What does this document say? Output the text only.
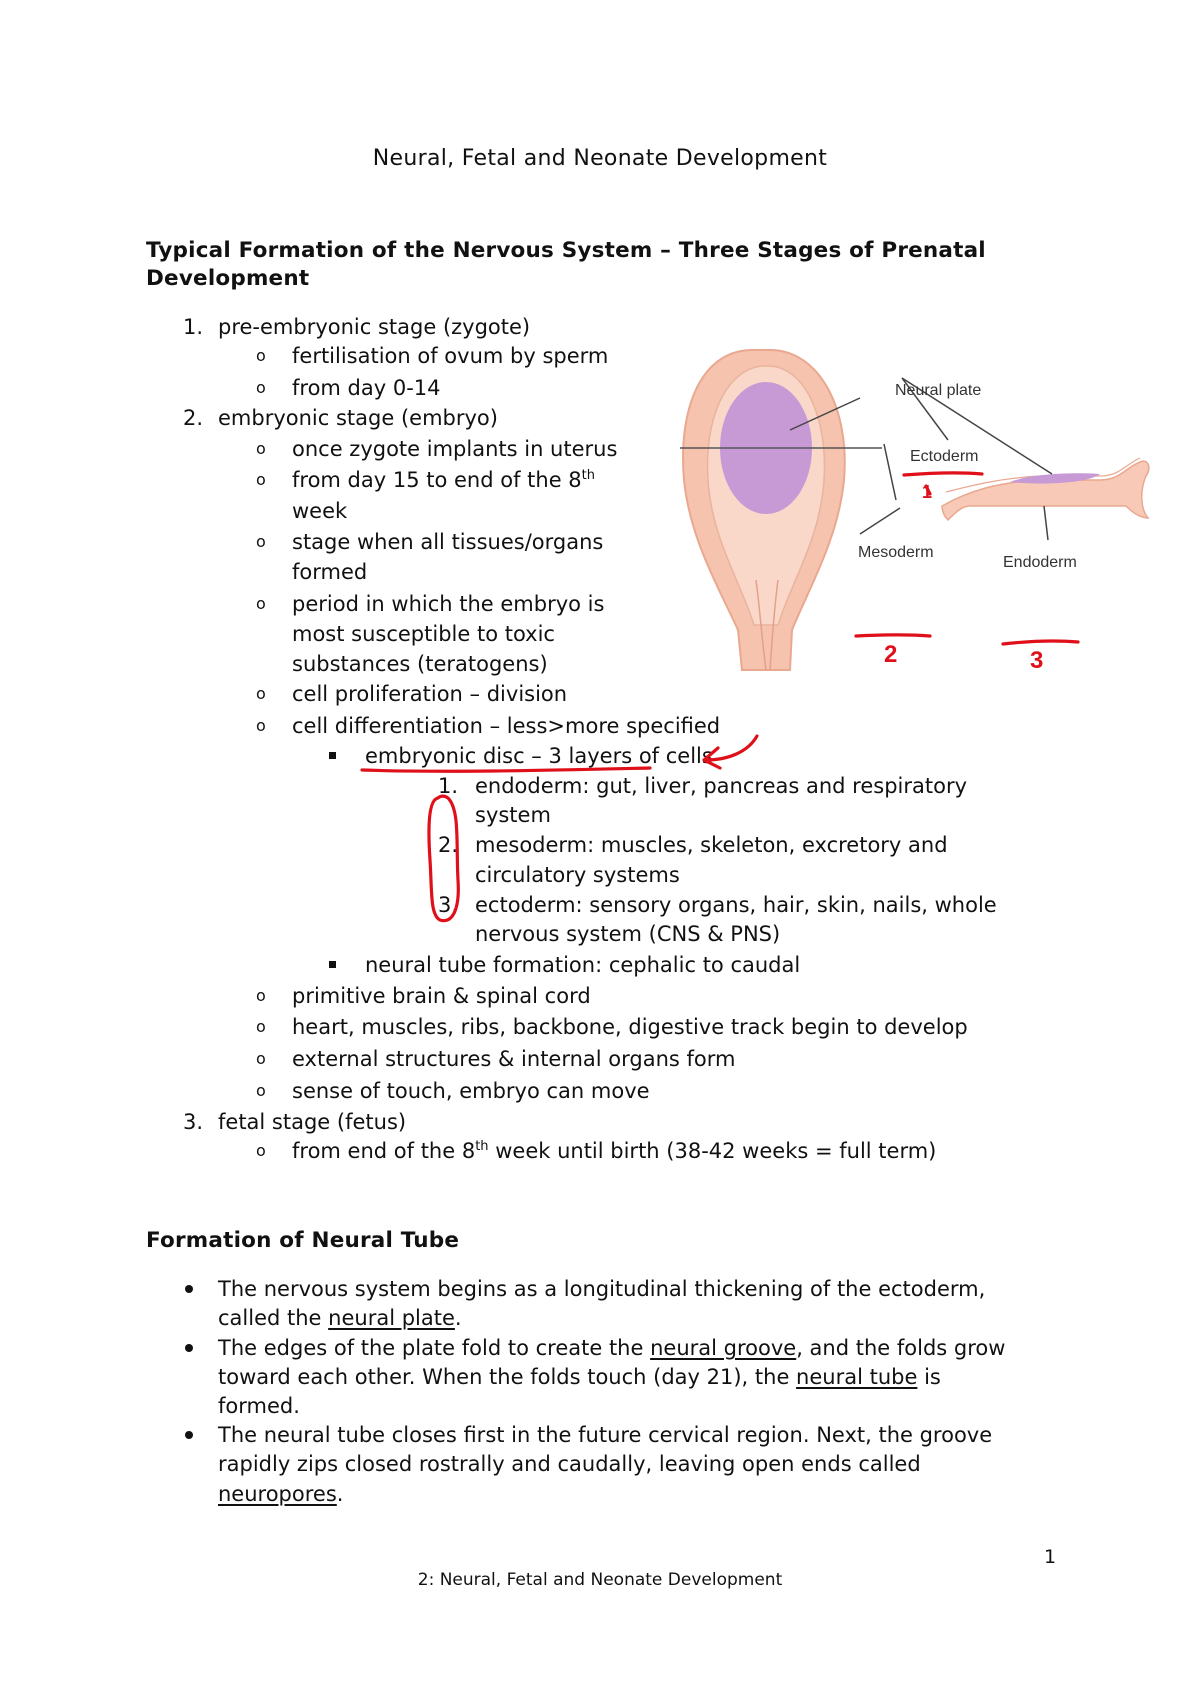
Neural, Fetal and Neonate Development
Typical Formation of the Nervous System – Three Stages of Prenatal
Development
1. pre-embryonic stage (zygote)
o fertilisation of ovum by sperm
o from day 0-14
2. embryonic stage (embryo)
o once zygote implants in uterus
o from day 15 to end of the 8th
week
o stage when all tissues/organs
formed
o period in which the embryo is
most susceptible to toxic
substances (teratogens)
o cell proliferation – division
o cell differentiation – less>more specified
embryonic disc – 3 layers of cells
1. endoderm: gut, liver, pancreas and respiratory
system
2. mesoderm: muscles, skeleton, excretory and
circulatory systems
3. ectoderm: sensory organs, hair, skin, nails, whole
nervous system (CNS & PNS)
neural tube formation: cephalic to caudal
o primitive brain & spinal cord
o heart, muscles, ribs, backbone, digestive track begin to develop
o external structures & internal organs form
o sense of touch, embryo can move
3. fetal stage (fetus)
o from end of the 8th week until birth (38-42 weeks = full term)
Formation of Neural Tube
The nervous system begins as a longitudinal thickening of the ectoderm,
called the neural plate.
The edges of the plate fold to create the neural groove, and the folds grow
toward each other. When the folds touch (day 21), the neural tube is
formed.
The neural tube closes first in the future cervical region. Next, the groove
rapidly zips closed rostrally and caudally, leaving open ends called
neuropores.
1
2: Neural, Fetal and Neonate Development
Neural plate
Ectoderm
Mesoderm
Endoderm
2	3
1
